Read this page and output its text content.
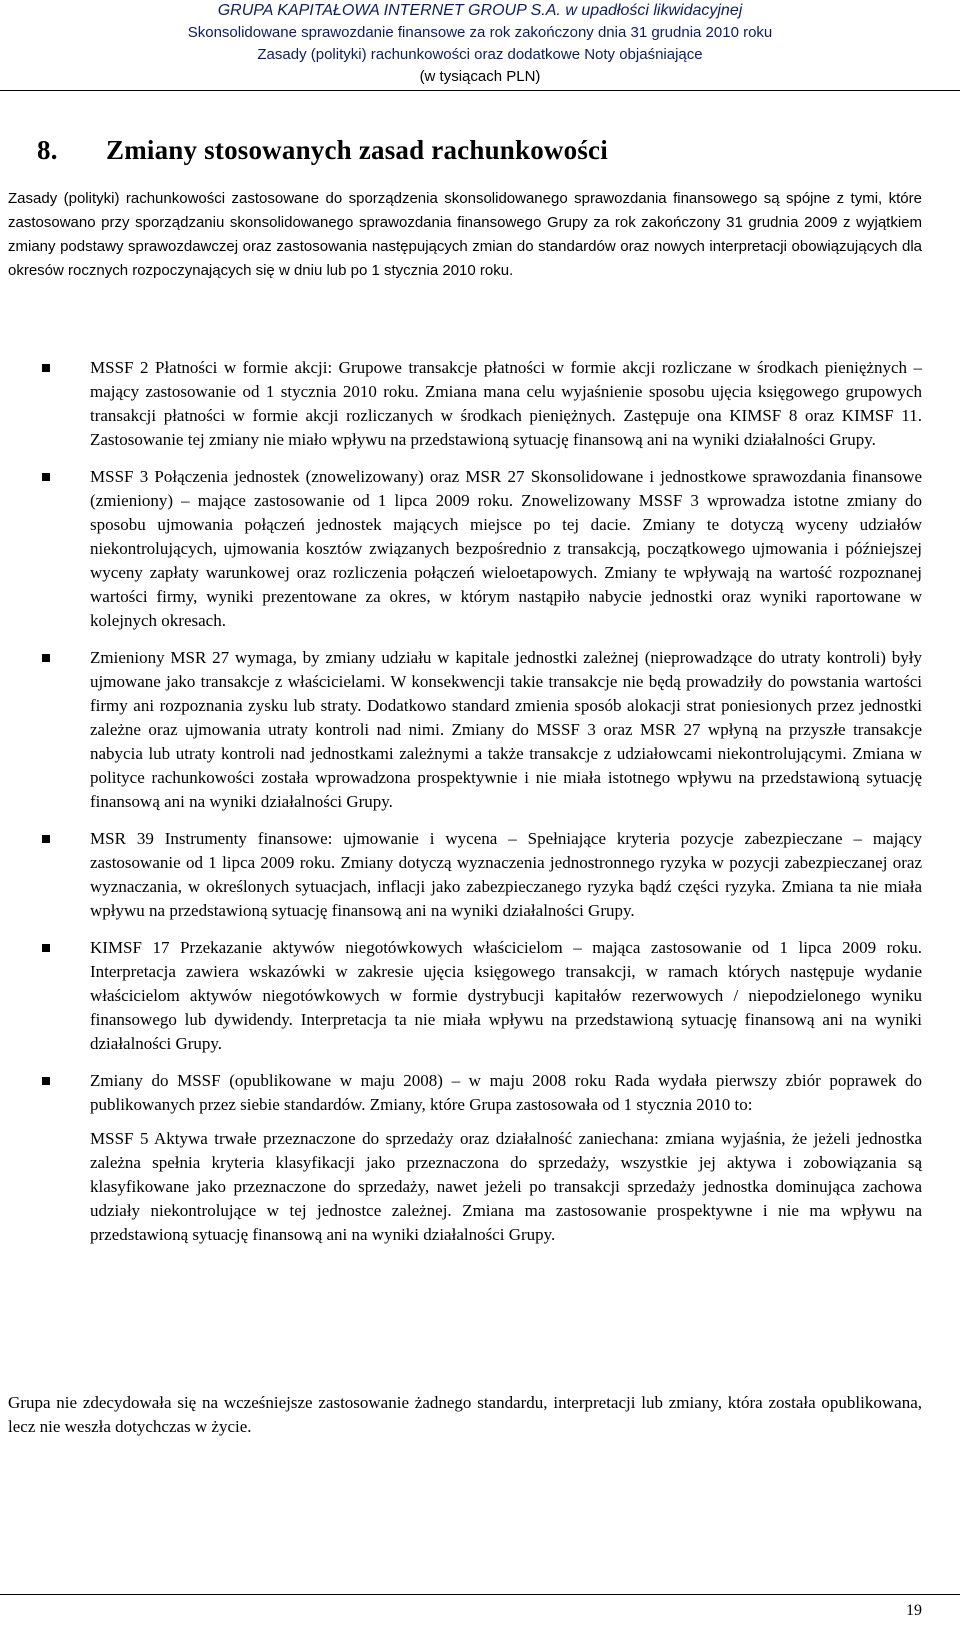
GRUPA KAPITAŁOWA INTERNET GROUP S.A. w upadłości likwidacyjnej
Skonsolidowane sprawozdanie finansowe za rok zakończony dnia 31 grudnia 2010 roku
Zasady (polityki) rachunkowości oraz dodatkowe Noty objaśniające
(w tysiącach PLN)
8. Zmiany stosowanych zasad rachunkowości

Zasady (polityki) rachunkowości zastosowane do sporządzenia skonsolidowanego sprawozdania finansowego są spójne z tymi, które zastosowano przy sporządzaniu skonsolidowanego sprawozdania finansowego Grupy za rok zakończony 31 grudnia 2009 z wyjątkiem zmiany podstawy sprawozdawczej oraz zastosowania następujących zmian do standardów oraz nowych interpretacji obowiązujących dla okresów rocznych rozpoczynających się w dniu lub po 1 stycznia 2010 roku.

MSSF 2 Płatności w formie akcji: Grupowe transakcje płatności w formie akcji rozliczane w środkach pieniężnych – mający zastosowanie od 1 stycznia 2010 roku. Zmiana mana celu wyjaśnienie sposobu ujęcia księgowego grupowych transakcji płatności w formie akcji rozliczanych w środkach pieniężnych. Zastępuje ona KIMSF 8 oraz KIMSF 11. Zastosowanie tej zmiany nie miało wpływu na przedstawioną sytuację finansową ani na wyniki działalności Grupy.

MSSF 3 Połączenia jednostek (znowelizowany) oraz MSR 27 Skonsolidowane i jednostkowe sprawozdania finansowe (zmieniony) – mające zastosowanie od 1 lipca 2009 roku. Znowelizowany MSSF 3 wprowadza istotne zmiany do sposobu ujmowania połączeń jednostek mających miejsce po tej dacie. Zmiany te dotyczą wyceny udziałów niekontrolujących, ujmowania kosztów związanych bezpośrednio z transakcją, początkowego ujmowania i późniejszej wyceny zapłaty warunkowej oraz rozliczenia połączeń wieloetapowych. Zmiany te wpływają na wartość rozpoznanej wartości firmy, wyniki prezentowane za okres, w którym nastąpiło nabycie jednostki oraz wyniki raportowane w kolejnych okresach.

Zmieniony MSR 27 wymaga, by zmiany udziału w kapitale jednostki zależnej (nieprowadzące do utraty kontroli) były ujmowane jako transakcje z właścicielami. W konsekwencji takie transakcje nie będą prowadziły do powstania wartości firmy ani rozpoznania zysku lub straty. Dodatkowo standard zmienia sposób alokacji strat poniesionych przez jednostki zależne oraz ujmowania utraty kontroli nad nimi. Zmiany do MSSF 3 oraz MSR 27 wpłyną na przyszłe transakcje nabycia lub utraty kontroli nad jednostkami zależnymi a także transakcje z udziałowcami niekontrolującymi. Zmiana w polityce rachunkowości została wprowadzona prospektywnie i nie miała istotnego wpływu na przedstawioną sytuację finansową ani na wyniki działalności Grupy.

MSR 39 Instrumenty finansowe: ujmowanie i wycena – Spełniające kryteria pozycje zabezpieczane – mający zastosowanie od 1 lipca 2009 roku. Zmiany dotyczą wyznaczenia jednostronnego ryzyka w pozycji zabezpieczanej oraz wyznaczania, w określonych sytuacjach, inflacji jako zabezpieczanego ryzyka bądź części ryzyka. Zmiana ta nie miała wpływu na przedstawioną sytuację finansową ani na wyniki działalności Grupy.

KIMSF 17 Przekazanie aktywów niegotówkowych właścicielom – mająca zastosowanie od 1 lipca 2009 roku. Interpretacja zawiera wskazówki w zakresie ujęcia księgowego transakcji, w ramach których następuje wydanie właścicielom aktywów niegotówkowych w formie dystrybucji kapitałów rezerwowych / niepodzielonego wyniku finansowego lub dywidendy. Interpretacja ta nie miała wpływu na przedstawioną sytuację finansową ani na wyniki działalności Grupy.

Zmiany do MSSF (opublikowane w maju 2008) – w maju 2008 roku Rada wydała pierwszy zbiór poprawek do publikowanych przez siebie standardów. Zmiany, które Grupa zastosowała od 1 stycznia 2010 to:

MSSF 5 Aktywa trwałe przeznaczone do sprzedaży oraz działalność zaniechana: zmiana wyjaśnia, że jeżeli jednostka zależna spełnia kryteria klasyfikacji jako przeznaczona do sprzedaży, wszystkie jej aktywa i zobowiązania są klasyfikowane jako przeznaczone do sprzedaży, nawet jeżeli po transakcji sprzedaży jednostka dominująca zachowa udziały niekontrolujące w tej jednostce zależnej. Zmiana ma zastosowanie prospektywne i nie ma wpływu na przedstawioną sytuację finansową ani na wyniki działalności Grupy.

Grupa nie zdecydowała się na wcześniejsze zastosowanie żadnego standardu, interpretacji lub zmiany, która została opublikowana, lecz nie weszła dotychczas w życie.

19
